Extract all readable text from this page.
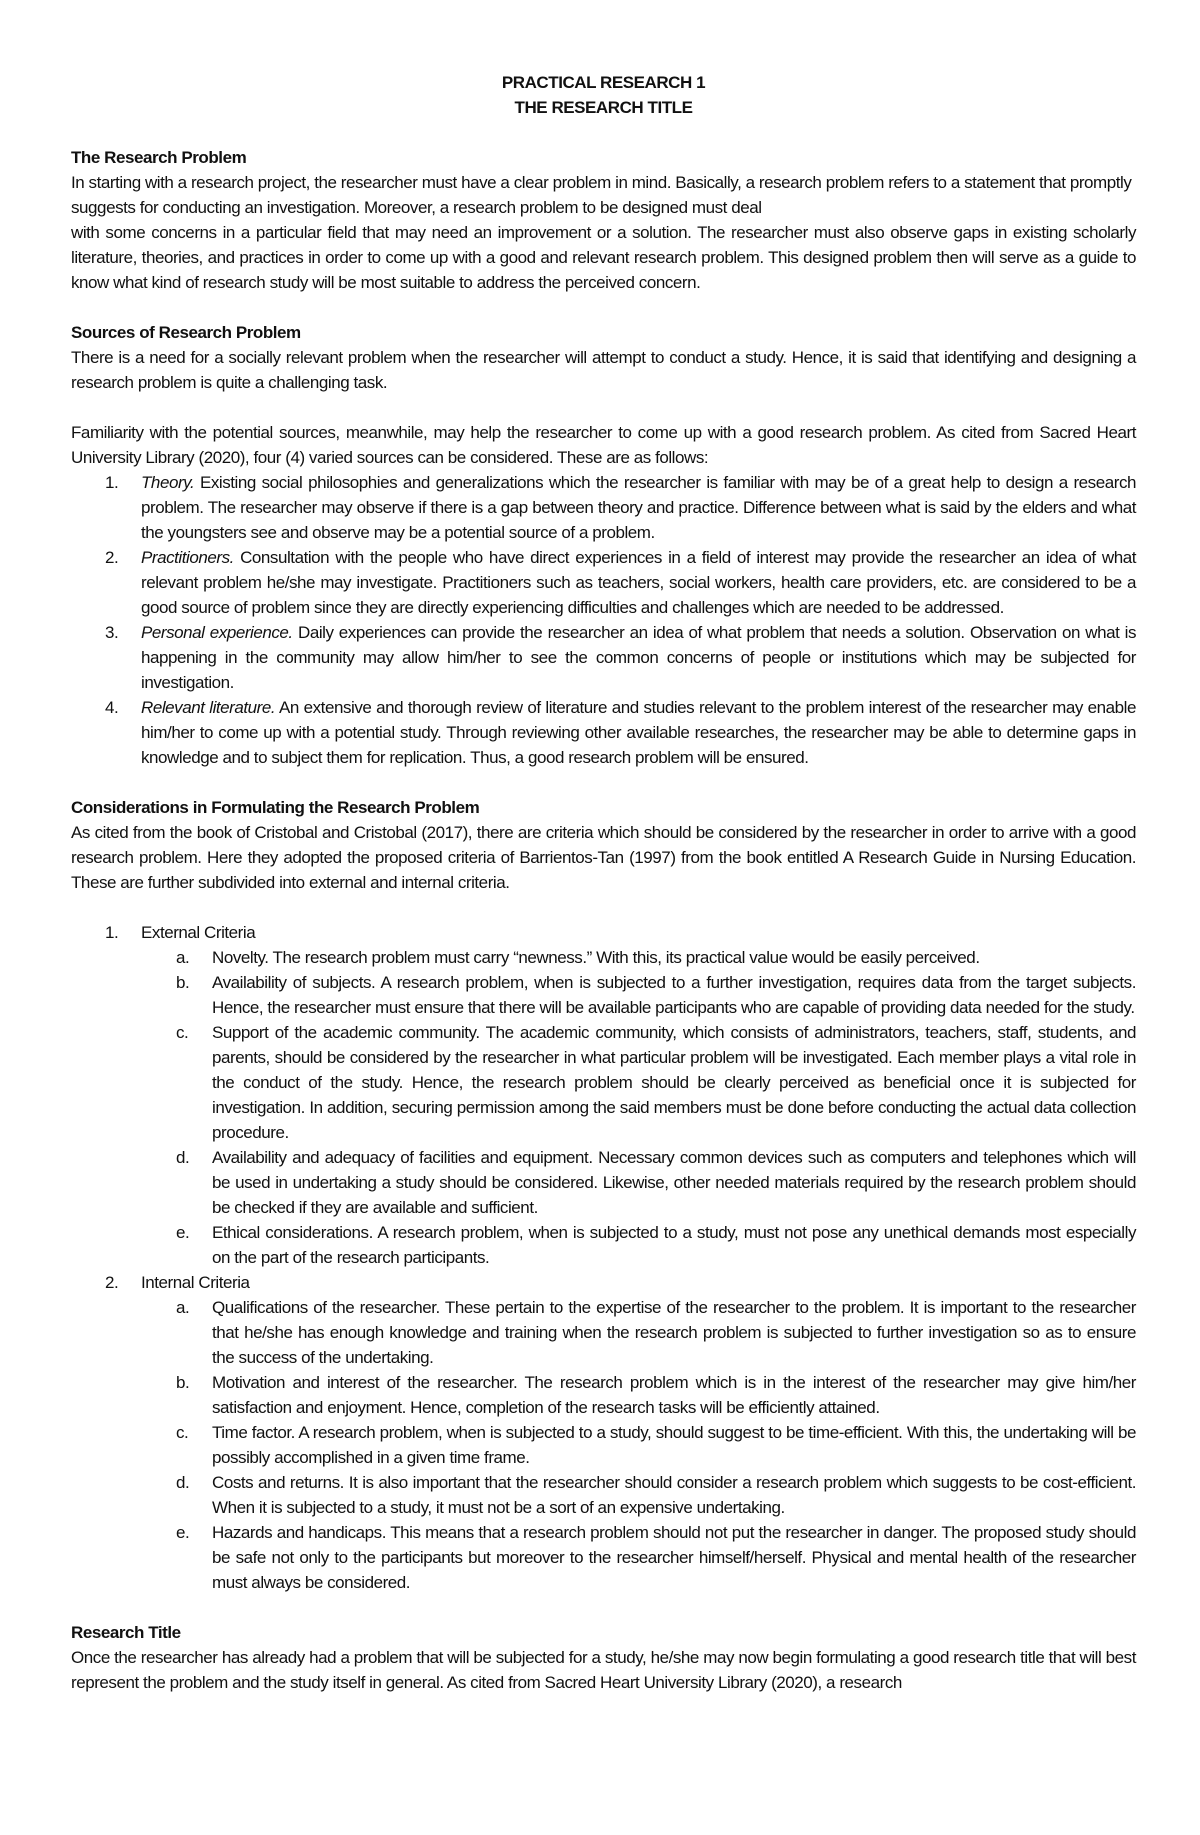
PRACTICAL RESEARCH 1
THE RESEARCH TITLE
The Research Problem

In starting with a research project, the researcher must have a clear problem in mind. Basically, a research problem refers to a statement that promptly suggests for conducting an investigation. Moreover, a research problem to be designed must deal

with some concerns in a particular field that may need an improvement or a solution. The researcher must also observe gaps in existing scholarly literature, theories, and practices in order to come up with a good and relevant research problem. This designed problem then will serve as a guide to know what kind of research study will be most suitable to address the perceived concern.

Sources of Research Problem

There is a need for a socially relevant problem when the researcher will attempt to conduct a study. Hence, it is said that identifying and designing a research problem is quite a challenging task.

Familiarity with the potential sources, meanwhile, may help the researcher to come up with a good research problem. As cited from Sacred Heart University Library (2020), four (4) varied sources can be considered. These are as follows:

1. Theory. Existing social philosophies and generalizations which the researcher is familiar with may be of a great help to design a research problem. The researcher may observe if there is a gap between theory and practice. Difference between what is said by the elders and what the youngsters see and observe may be a potential source of a problem.
2. Practitioners. Consultation with the people who have direct experiences in a field of interest may provide the researcher an idea of what relevant problem he/she may investigate. Practitioners such as teachers, social workers, health care providers, etc. are considered to be a good source of problem since they are directly experiencing difficulties and challenges which are needed to be addressed.
3. Personal experience. Daily experiences can provide the researcher an idea of what problem that needs a solution. Observation on what is happening in the community may allow him/her to see the common concerns of people or institutions which may be subjected for investigation.
4. Relevant literature. An extensive and thorough review of literature and studies relevant to the problem interest of the researcher may enable him/her to come up with a potential study. Through reviewing other available researches, the researcher may be able to determine gaps in knowledge and to subject them for replication. Thus, a good research problem will be ensured.
Considerations in Formulating the Research Problem

As cited from the book of Cristobal and Cristobal (2017), there are criteria which should be considered by the researcher in order to arrive with a good research problem. Here they adopted the proposed criteria of Barrientos-Tan (1997) from the book entitled A Research Guide in Nursing Education. These are further subdivided into external and internal criteria.

1. External Criteria
a. Novelty. The research problem must carry “newness.” With this, its practical value would be easily perceived.
b. Availability of subjects. A research problem, when is subjected to a further investigation, requires data from the target subjects. Hence, the researcher must ensure that there will be available participants who are capable of providing data needed for the study.
c. Support of the academic community. The academic community, which consists of administrators, teachers, staff, students, and parents, should be considered by the researcher in what particular problem will be investigated. Each member plays a vital role in the conduct of the study. Hence, the research problem should be clearly perceived as beneficial once it is subjected for investigation. In addition, securing permission among the said members must be done before conducting the actual data collection procedure.
d. Availability and adequacy of facilities and equipment. Necessary common devices such as computers and telephones which will be used in undertaking a study should be considered. Likewise, other needed materials required by the research problem should be checked if they are available and sufficient.
e. Ethical considerations. A research problem, when is subjected to a study, must not pose any unethical demands most especially on the part of the research participants.
2. Internal Criteria
a. Qualifications of the researcher. These pertain to the expertise of the researcher to the problem. It is important to the researcher that he/she has enough knowledge and training when the research problem is subjected to further investigation so as to ensure the success of the undertaking.
b. Motivation and interest of the researcher. The research problem which is in the interest of the researcher may give him/her satisfaction and enjoyment. Hence, completion of the research tasks will be efficiently attained.
c. Time factor. A research problem, when is subjected to a study, should suggest to be time-efficient. With this, the undertaking will be possibly accomplished in a given time frame.
d. Costs and returns. It is also important that the researcher should consider a research problem which suggests to be cost-efficient. When it is subjected to a study, it must not be a sort of an expensive undertaking.
e. Hazards and handicaps. This means that a research problem should not put the researcher in danger. The proposed study should be safe not only to the participants but moreover to the researcher himself/herself. Physical and mental health of the researcher must always be considered.
Research Title

Once the researcher has already had a problem that will be subjected for a study, he/she may now begin formulating a good research title that will best represent the problem and the study itself in general. As cited from Sacred Heart University Library (2020), a research
